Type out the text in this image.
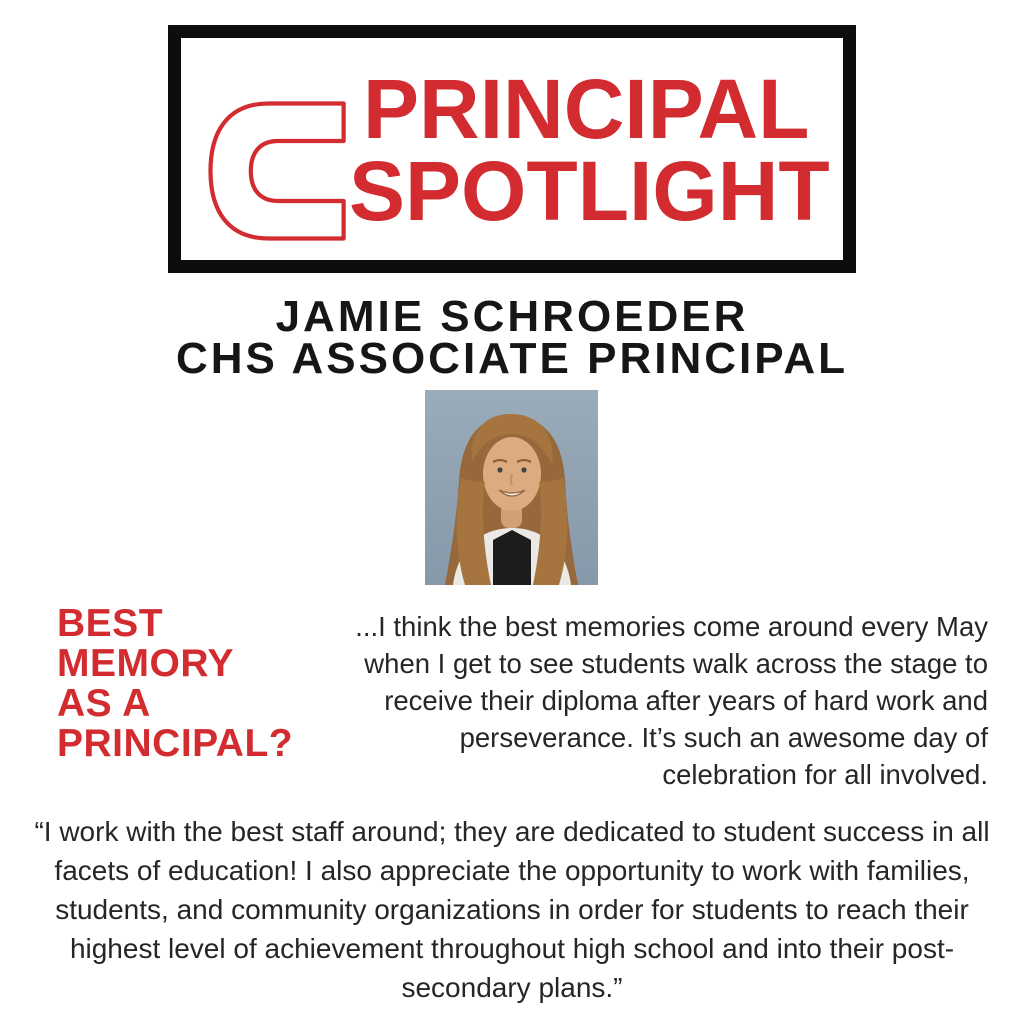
PRINCIPAL
SPOTLIGHT
JAMIE SCHROEDER
CHS ASSOCIATE PRINCIPAL
BEST
MEMORY
AS A
PRINCIPAL?
...I think the best memories come around every May when I get to see students walk across the stage to receive their diploma after years of hard work and perseverance. It’s such an awesome day of celebration for all involved.
“I work with the best staff around; they are dedicated to student success in all facets of education! I also appreciate the opportunity to work with families, students, and community organizations in order for students to reach their highest level of achievement throughout high school and into their post-secondary plans.”
